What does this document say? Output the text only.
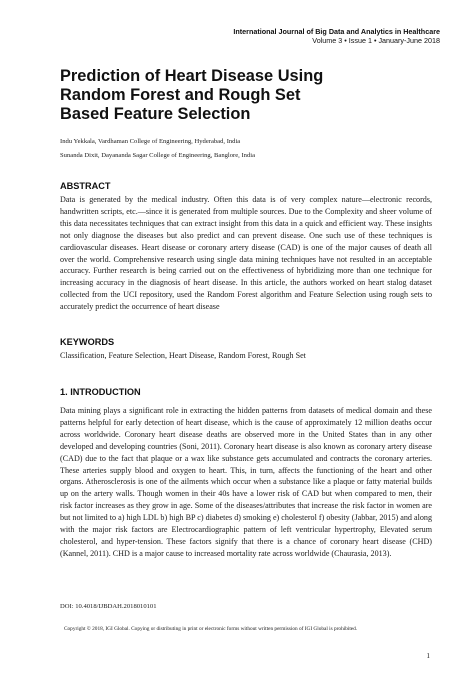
International Journal of Big Data and Analytics in Healthcare
Volume 3 • Issue 1 • January-June 2018
Prediction of Heart Disease Using
Random Forest and Rough Set
Based Feature Selection
Indu Yekkala, Vardhaman College of Engineering, Hyderabad, India
Sunanda Dixit, Dayananda Sagar College of Engineering, Banglore, India
ABSTRACT
Data is generated by the medical industry. Often this data is of very complex nature—electronic records, handwritten scripts, etc.—since it is generated from multiple sources. Due to the Complexity and sheer volume of this data necessitates techniques that can extract insight from this data in a quick and efficient way. These insights not only diagnose the diseases but also predict and can prevent disease. One such use of these techniques is cardiovascular diseases. Heart disease or coronary artery disease (CAD) is one of the major causes of death all over the world. Comprehensive research using single data mining techniques have not resulted in an acceptable accuracy. Further research is being carried out on the effectiveness of hybridizing more than one technique for increasing accuracy in the diagnosis of heart disease. In this article, the authors worked on heart stalog dataset collected from the UCI repository, used the Random Forest algorithm and Feature Selection using rough sets to accurately predict the occurrence of heart disease
KEYWORDS
Classification, Feature Selection, Heart Disease, Random Forest, Rough Set
1. INTRODUCTION
Data mining plays a significant role in extracting the hidden patterns from datasets of medical domain and these patterns helpful for early detection of heart disease, which is the cause of approximately 12 million deaths occur across worldwide. Coronary heart disease deaths are observed more in the United States than in any other developed and developing countries (Soni, 2011). Coronary heart disease is also known as coronary artery disease (CAD) due to the fact that plaque or a wax like substance gets accumulated and contracts the coronary arteries. These arteries supply blood and oxygen to heart. This, in turn, affects the functioning of the heart and other organs. Atherosclerosis is one of the ailments which occur when a substance like a plaque or fatty material builds up on the artery walls. Though women in their 40s have a lower risk of CAD but when compared to men, their risk factor increases as they grow in age. Some of the diseases/attributes that increase the risk factor in women are but not limited to a) high LDL b) high BP c) diabetes d) smoking e) cholesterol f) obesity (Jabbar, 2015) and along with the major risk factors are Electrocardiographic pattern of left ventricular hypertrophy, Elevated serum cholesterol, and hyper-tension. These factors signify that there is a chance of coronary heart disease (CHD) (Kannel, 2011). CHD is a major cause to increased mortality rate across worldwide (Chaurasia, 2013).
DOI: 10.4018/IJBDAH.2018010101
Copyright © 2018, IGI Global. Copying or distributing in print or electronic forms without written permission of IGI Global is prohibited.
1
